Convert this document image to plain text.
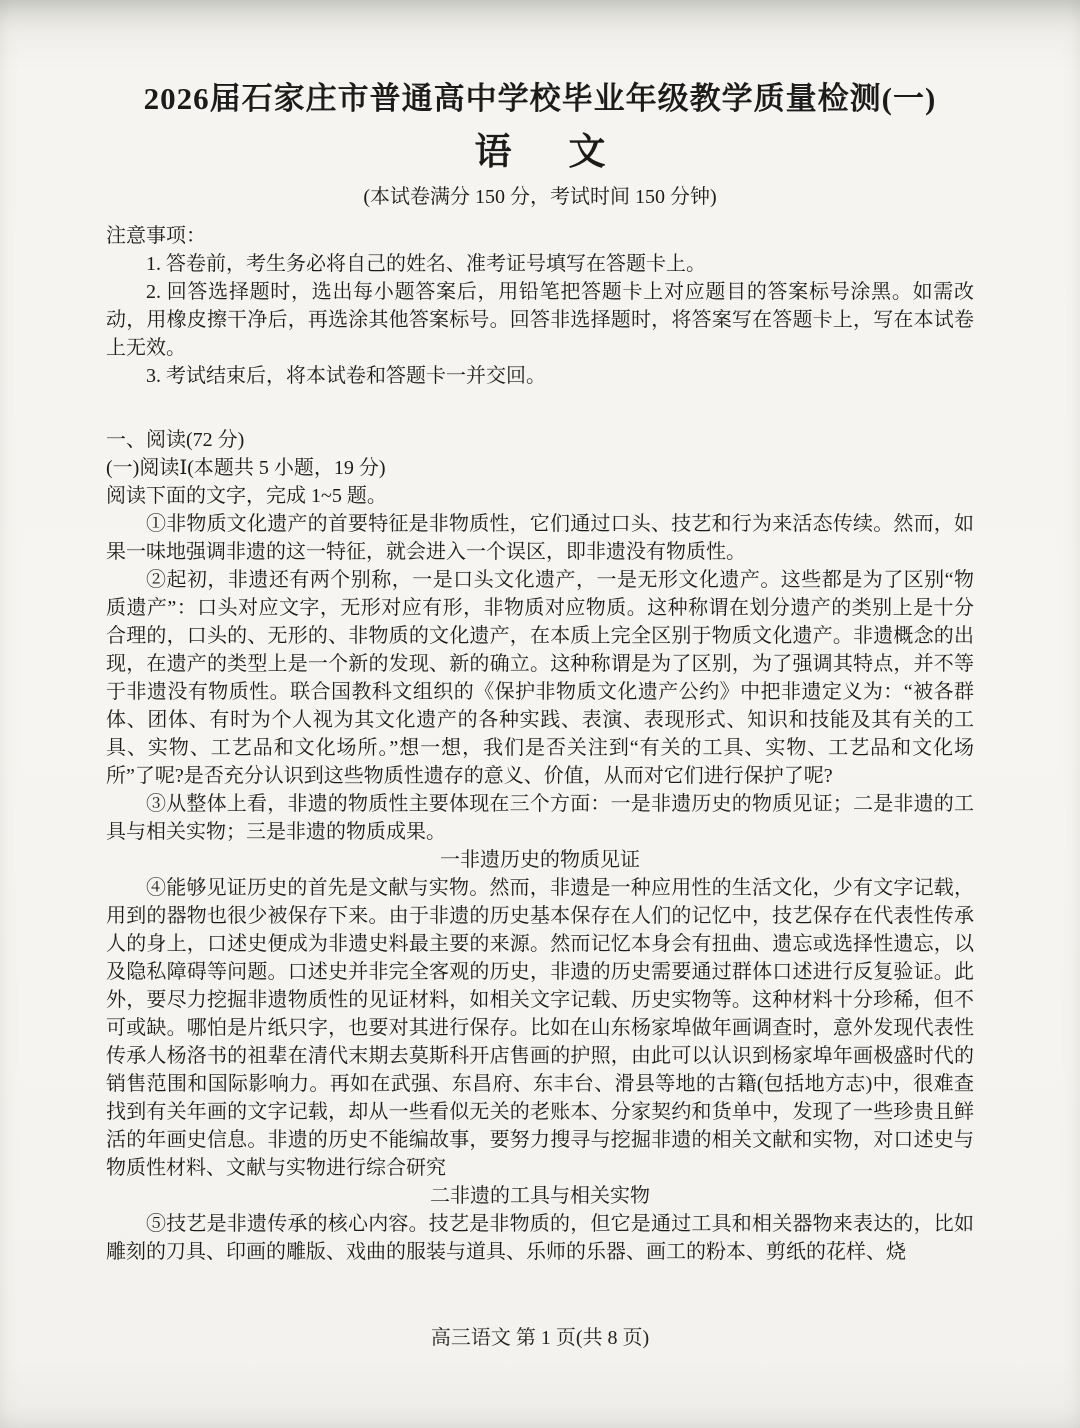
2026届石家庄市普通高中学校毕业年级教学质量检测(一)
语　文
(本试卷满分 150 分，考试时间 150 分钟)

注意事项：

1. 答卷前，考生务必将自己的姓名、准考证号填写在答题卡上。

2. 回答选择题时，选出每小题答案后，用铅笔把答题卡上对应题目的答案标号涂黑。如需改动，用橡皮擦干净后，再选涂其他答案标号。回答非选择题时，将答案写在答题卡上，写在本试卷上无效。

3. 考试结束后，将本试卷和答题卡一并交回。

一、阅读(72 分)

(一)阅读Ⅰ(本题共 5 小题，19 分)

阅读下面的文字，完成 1~5 题。

①非物质文化遗产的首要特征是非物质性，它们通过口头、技艺和行为来活态传续。然而，如果一味地强调非遗的这一特征，就会进入一个误区，即非遗没有物质性。

②起初，非遗还有两个别称，一是口头文化遗产，一是无形文化遗产。这些都是为了区别“物质遗产”：口头对应文字，无形对应有形，非物质对应物质。这种称谓在划分遗产的类别上是十分合理的，口头的、无形的、非物质的文化遗产，在本质上完全区别于物质文化遗产。非遗概念的出现，在遗产的类型上是一个新的发现、新的确立。这种称谓是为了区别，为了强调其特点，并不等于非遗没有物质性。联合国教科文组织的《保护非物质文化遗产公约》中把非遗定义为：“被各群体、团体、有时为个人视为其文化遗产的各种实践、表演、表现形式、知识和技能及其有关的工具、实物、工艺品和文化场所。”想一想，我们是否关注到“有关的工具、实物、工艺品和文化场所”了呢?是否充分认识到这些物质性遗存的意义、价值，从而对它们进行保护了呢?

③从整体上看，非遗的物质性主要体现在三个方面：一是非遗历史的物质见证；二是非遗的工具与相关实物；三是非遗的物质成果。

一非遗历史的物质见证

④能够见证历史的首先是文献与实物。然而，非遗是一种应用性的生活文化，少有文字记载，用到的器物也很少被保存下来。由于非遗的历史基本保存在人们的记忆中，技艺保存在代表性传承人的身上，口述史便成为非遗史料最主要的来源。然而记忆本身会有扭曲、遗忘或选择性遗忘，以及隐私障碍等问题。口述史并非完全客观的历史，非遗的历史需要通过群体口述进行反复验证。此外，要尽力挖掘非遗物质性的见证材料，如相关文字记载、历史实物等。这种材料十分珍稀，但不可或缺。哪怕是片纸只字，也要对其进行保存。比如在山东杨家埠做年画调查时，意外发现代表性传承人杨洛书的祖辈在清代末期去莫斯科开店售画的护照，由此可以认识到杨家埠年画极盛时代的销售范围和国际影响力。再如在武强、东昌府、东丰台、滑县等地的古籍(包括地方志)中，很难查找到有关年画的文字记载，却从一些看似无关的老账本、分家契约和货单中，发现了一些珍贵且鲜活的年画史信息。非遗的历史不能编故事，要努力搜寻与挖掘非遗的相关文献和实物，对口述史与物质性材料、文献与实物进行综合研究

二非遗的工具与相关实物

⑤技艺是非遗传承的核心内容。技艺是非物质的，但它是通过工具和相关器物来表达的，比如雕刻的刀具、印画的雕版、戏曲的服装与道具、乐师的乐器、画工的粉本、剪纸的花样、烧

高三语文 第 1 页(共 8 页)
